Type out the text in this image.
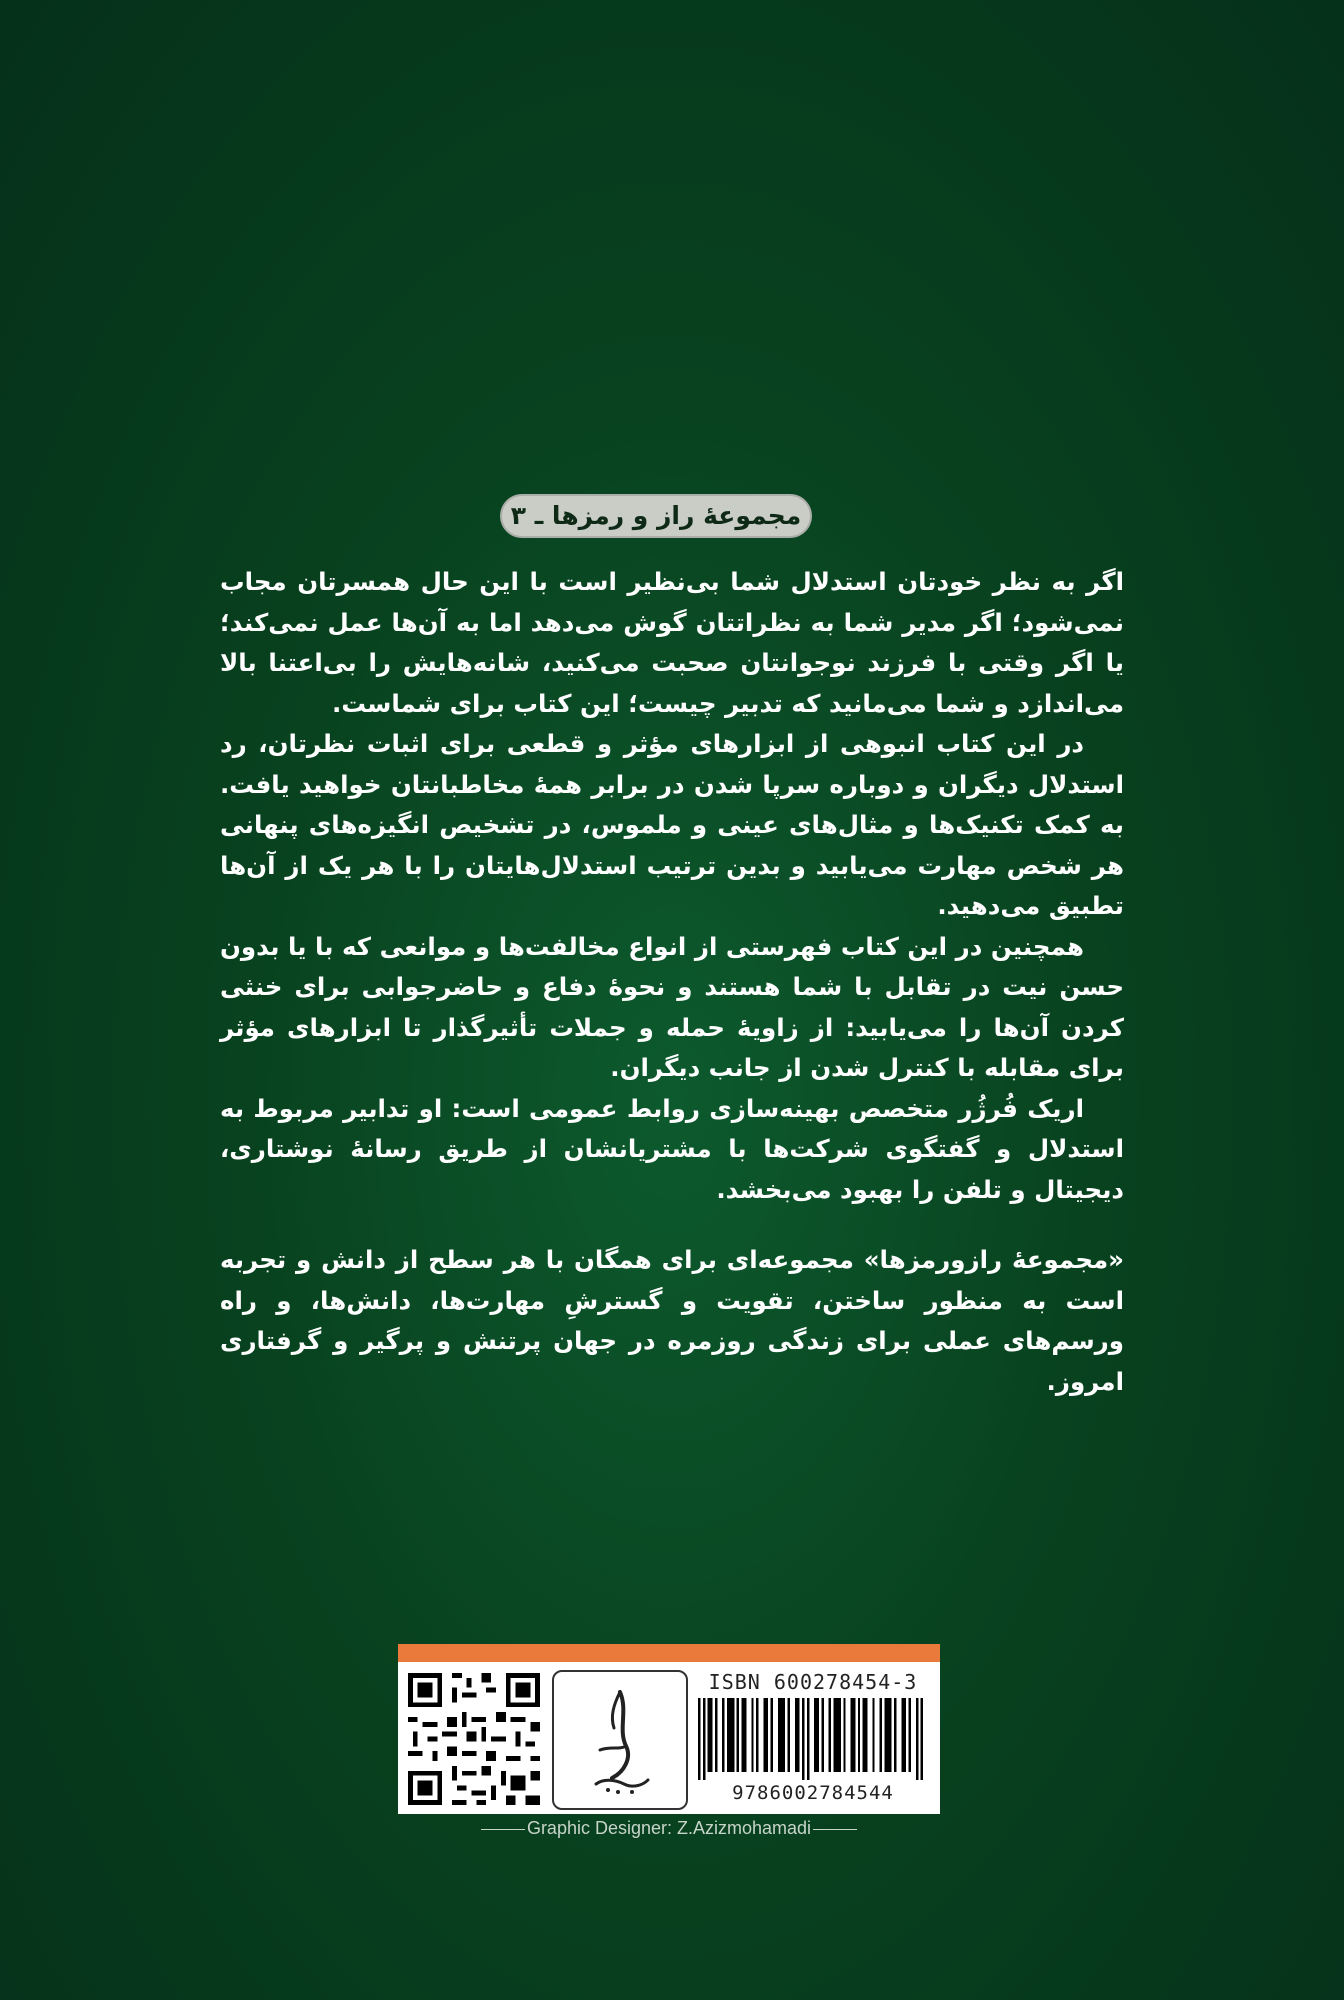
مجموعهٔ راز و رمزها ـ ۳

اگر به نظر خودتان استدلال شما بی‌نظیر است با این حال همسرتان مجاب نمی‌شود؛ اگر مدیر شما به نظراتتان گوش می‌دهد اما به آن‌ها عمل نمی‌کند؛ یا اگر وقتی با فرزند نوجوانتان صحبت می‌کنید، شانه‌هایش را بی‌اعتنا بالا می‌اندازد و شما می‌مانید که تدبیر چیست؛ این کتاب برای شماست.

در این کتاب انبوهی از ابزارهای مؤثر و قطعی برای اثبات نظرتان، رد استدلال دیگران و دوباره سرپا شدن در برابر همهٔ مخاطبانتان خواهید یافت. به کمک تکنیک‌ها و مثال‌های عینی و ملموس، در تشخیص انگیزه‌های پنهانی هر شخص مهارت می‌یابید و بدین ترتیب استدلال‌هایتان را با هر یک از آن‌ها تطبیق می‌دهید.

همچنین در این کتاب فهرستی از انواع مخالفت‌ها و موانعی که با یا بدون حسن نیت در تقابل با شما هستند و نحوهٔ دفاع و حاضرجوابی برای خنثی کردن آن‌ها را می‌یابید: از زاویهٔ حمله و جملات تأثیرگذار تا ابزارهای مؤثر برای مقابله با کنترل شدن از جانب دیگران.

اریک فُرژُر متخصص بهینه‌سازی روابط عمومی است: او تدابیر مربوط به استدلال و گفتگوی شرکت‌ها با مشتریانشان از طریق رسانهٔ نوشتاری، دیجیتال و تلفن را بهبود می‌بخشد.

«مجموعهٔ رازورمزها» مجموعه‌ای برای همگان با هر سطح از دانش و تجربه است به منظور ساختن، تقویت و گسترشِ مهارت‌ها، دانش‌ها، و راه ورسم‌های عملی برای زندگی روزمره در جهان پرتنش و پرگیر و گرفتاری امروز.

ISBN 600278454-3
9786002784544
Graphic Designer: Z.Azizmohamadi
